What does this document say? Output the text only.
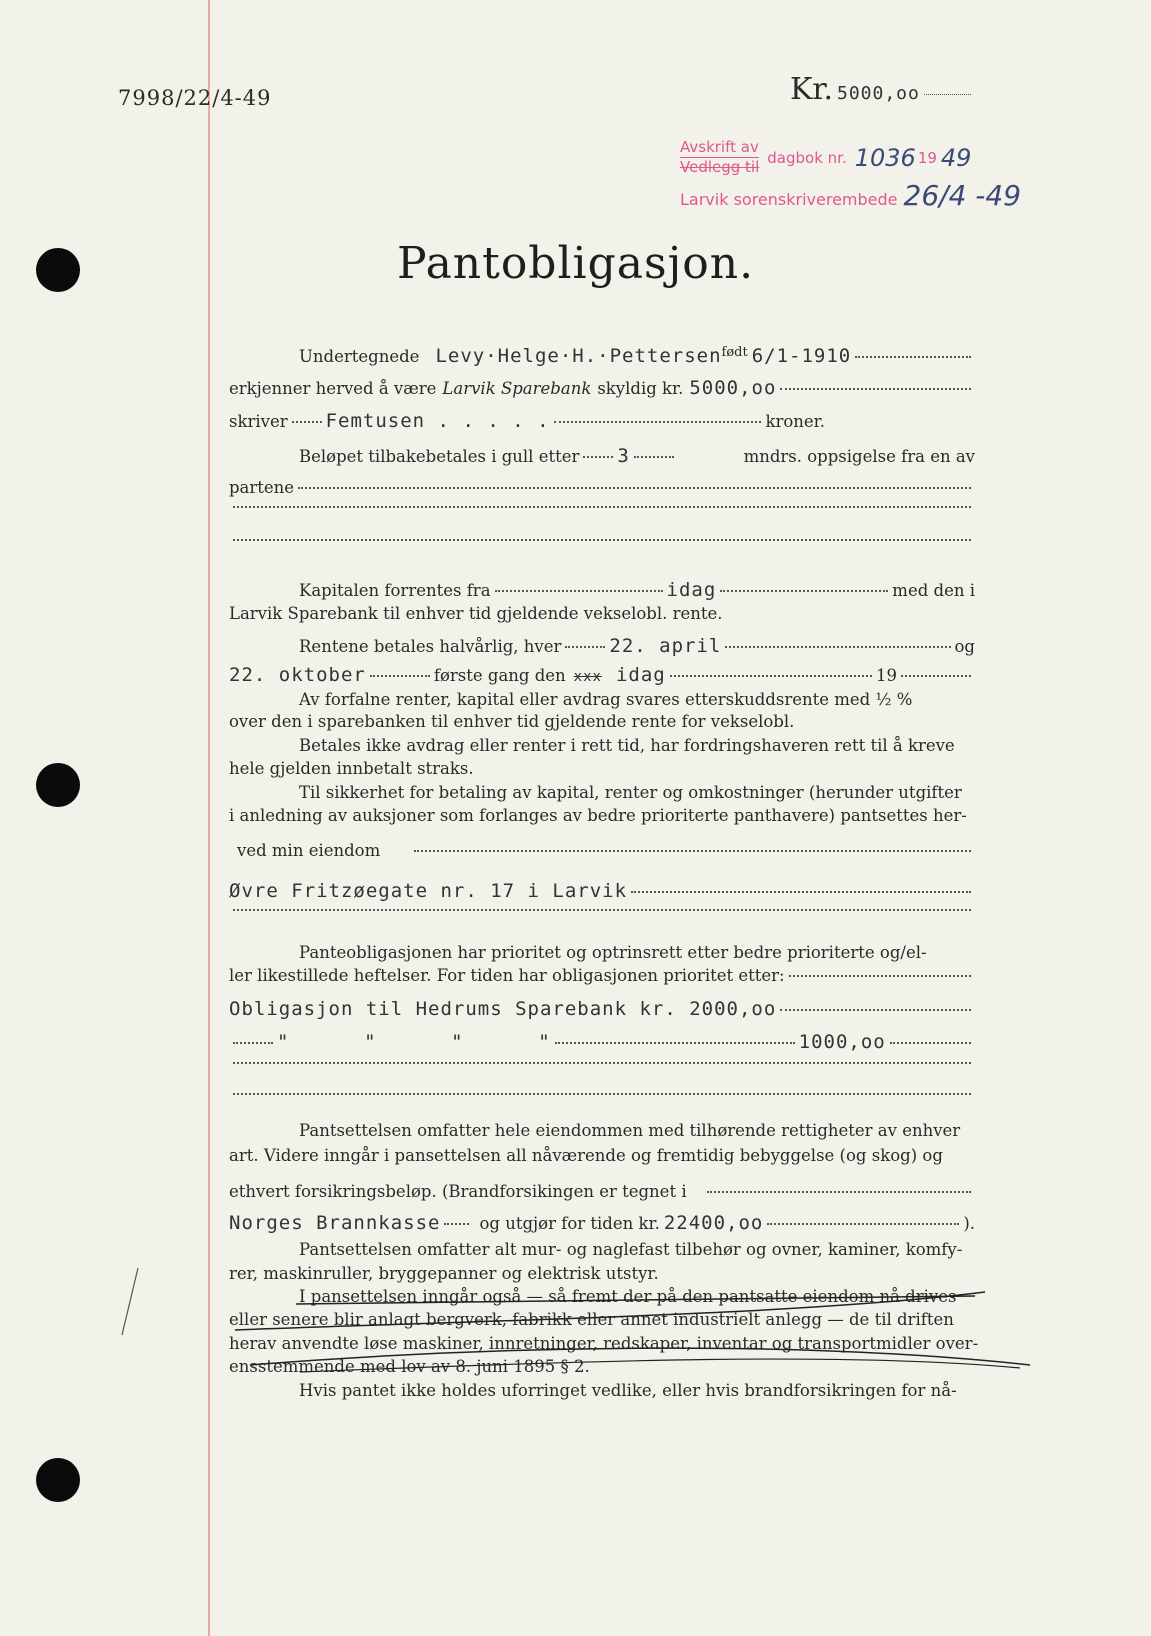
7998/22/4-49	Kr. 5000,oo
Avskrift av
Vedlegg til
dagbok nr. 1036 19 49
Larvik sorenskriverembede 26/4 -49
Pantobligasjon.
Undertegnede Levy·Helge·H.·Pettersen født 6/1-1910
erkjenner herved å være Larvik Sparebank skyldig kr. 5000,oo
skriver Femtusen . . . . .	kroner.
Beløpet tilbakebetales i gull etter 3	mndrs. oppsigelse fra en av
partene
Kapitalen forrentes fra	idag	med den i
Larvik Sparebank til enhver tid gjeldende vekselobl. rente.
Rentene betales halvårlig, hver	22. april	og
22. oktober	første gang den xxx idag	19
Av forfalne renter, kapital eller avdrag svares etterskuddsrente med ½ %
over den i sparebanken til enhver tid gjeldende rente for vekselobl.
Betales ikke avdrag eller renter i rett tid, har fordringshaveren rett til å kreve
hele gjelden innbetalt straks.
Til sikkerhet for betaling av kapital, renter og omkostninger (herunder utgifter
i anledning av auksjoner som forlanges av bedre prioriterte panthavere) pantsettes her-
ved min eiendom
Øvre Fritzøegate nr. 17 i Larvik
Panteobligasjonen har prioritet og optrinsrett etter bedre prioriterte og/el-
ler likestillede heftelser. For tiden har obligasjonen prioritet etter:
Obligasjon til Hedrums Sparebank kr. 2000,oo
"      "      "      "	1000,oo
Pantsettelsen omfatter hele eiendommen med tilhørende rettigheter av enhver
art. Videre inngår i pansettelsen all nåværende og fremtidig bebyggelse (og skog) og
ethvert forsikringsbeløp. (Brandforsikingen er tegnet i
Norges Brannkasse og utgjør for tiden kr. 22400,oo	).
Pantsettelsen omfatter alt mur- og naglefast tilbehør og ovner, kaminer, komfy-
rer, maskinruller, bryggepanner og elektrisk utstyr.
I pansettelsen inngår også — så fremt der på den pantsatte eiendom nå drives
eller senere blir anlagt bergverk, fabrikk eller annet industrielt anlegg — de til driften
herav anvendte løse maskiner, innretninger, redskaper, inventar og transportmidler over-
ensstemmende med lov av 8. juni 1895 § 2.
Hvis pantet ikke holdes uforringet vedlike, eller hvis brandforsikringen for nå-
